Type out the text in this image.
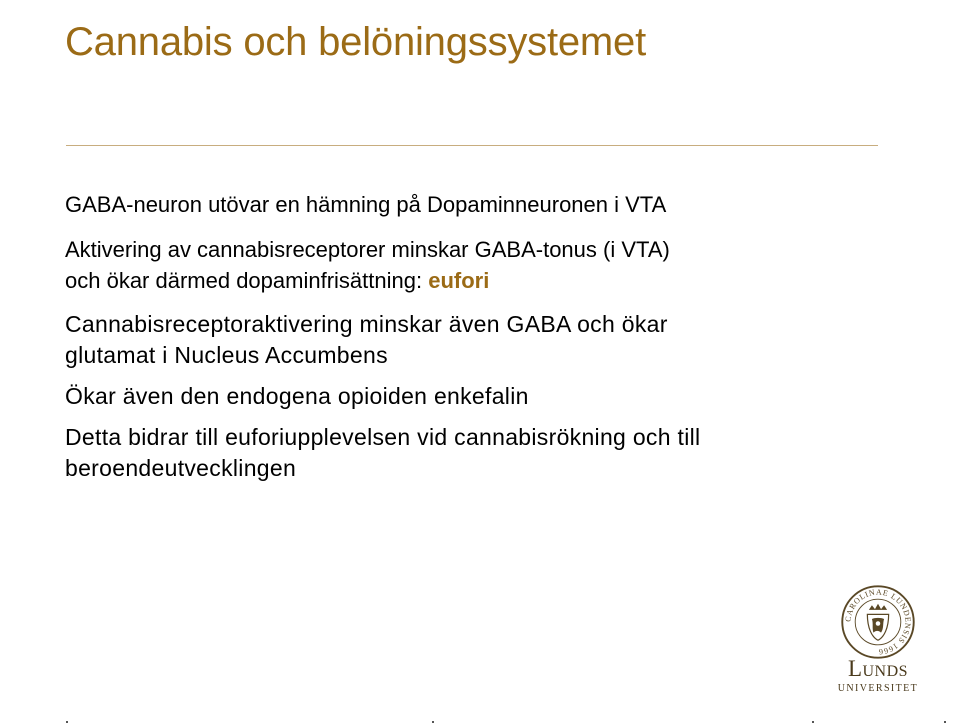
Cannabis och belöningssystemet
GABA-neuron utövar en hämning på Dopaminneuronen i VTA
Aktivering av cannabisreceptorer minskar GABA-tonus (i VTA)
och ökar därmed dopaminfrisättning: eufori
Cannabisreceptoraktivering minskar även GABA och ökar
glutamat i Nucleus Accumbens
Ökar även den endogena opioiden enkefalin
Detta bidrar till euforiupplevelsen vid cannabisrökning och till
beroendeutvecklingen
CAROLINAE LUNDENSIS 1666
Lunds
UNIVERSITET
